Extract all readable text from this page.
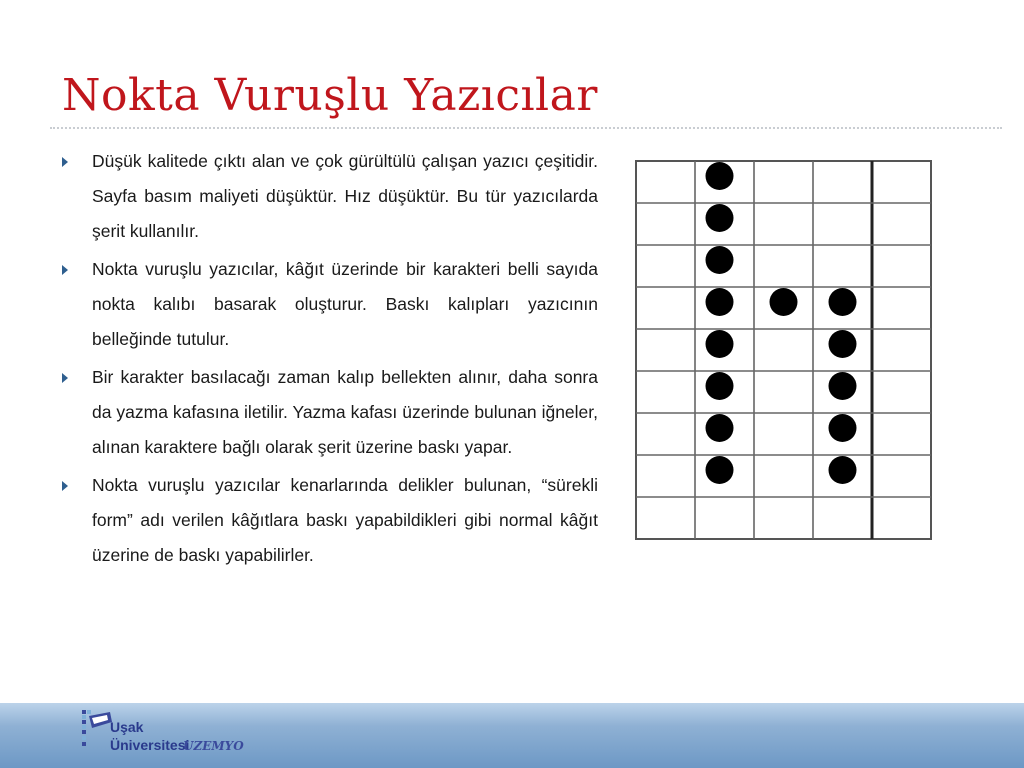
Nokta Vuruşlu Yazıcılar
Düşük kalitede çıktı alan ve çok gürültülü çalışan yazıcı çeşitidir. Sayfa basım maliyeti düşüktür. Hız düşüktür. Bu tür yazıcılarda şerit kullanılır.
Nokta vuruşlu yazıcılar, kâğıt üzerinde bir karakteri belli sayıda nokta kalıbı basarak oluşturur. Baskı kalıpları yazıcının belleğinde tutulur.
Bir karakter basılacağı zaman kalıp bellekten alınır, daha sonra da yazma kafasına iletilir. Yazma kafası üzerinde bulunan iğneler, alınan karaktere bağlı olarak şerit üzerine baskı yapar.
Nokta vuruşlu yazıcılar kenarlarında delikler bulunan, “sürekli form” adı verilen kâğıtlara baskı yapabildikleri gibi normal kâğıt üzerine de baskı yapabilirler.
Uşak
Üniversitesi
UZEMYO
